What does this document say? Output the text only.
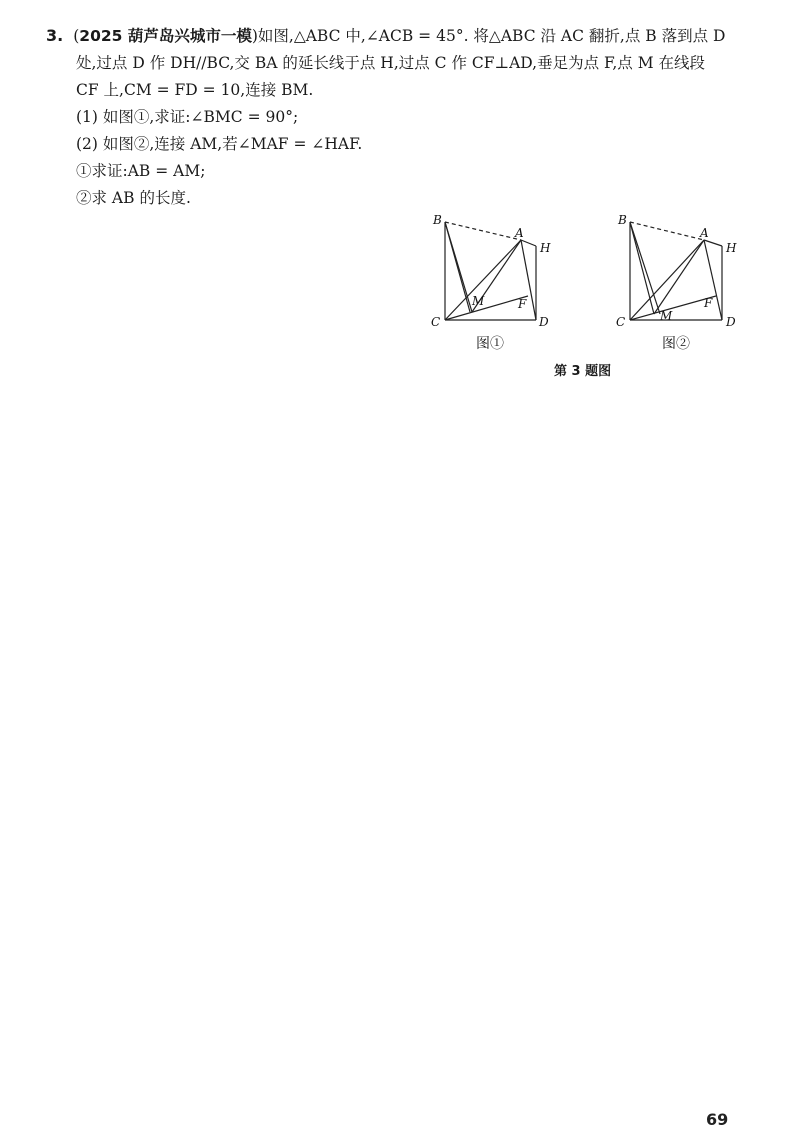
3. (2025 葫芦岛兴城市一模)如图,△ABC 中,∠ACB = 45°. 将△ABC 沿 AC 翻折,点 B 落到点 D
处,过点 D 作 DH//BC,交 BA 的延长线于点 H,过点 C 作 CF⊥AD,垂足为点 F,点 M 在线段
CF 上,CM = FD = 10,连接 BM.
(1) 如图①,求证:∠BMC = 90°;
(2) 如图②,连接 AM,若∠MAF = ∠HAF.
①求证:AB = AM;
②求 AB 的长度.
B
A
H
M	F
C	D
图①
B
A
H
M
F
C	D
图②
第 3 题图
69
